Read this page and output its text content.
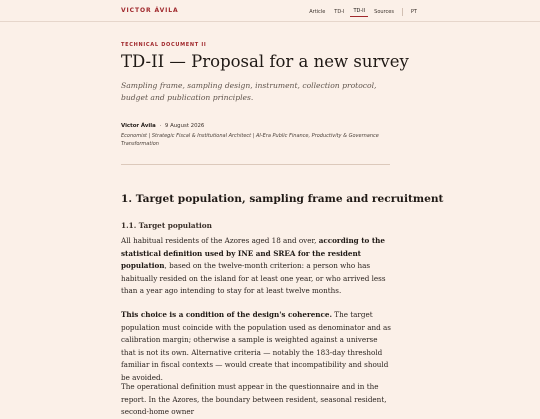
VICTOR ÁVILA	Article	TD-I	TD-II	Sources	PT
TECHNICAL DOCUMENT II
TD-II — Proposal for a new survey

Sampling frame, sampling design, instrument, collection protocol, budget and publication principles.

Victor Ávila · 9 August 2026
Economist | Strategic Fiscal & Institutional Architect | AI-Era Public Finance, Productivity & Governance Transformation
1. Target population, sampling frame and recruitment
1.1. Target population

All habitual residents of the Azores aged 18 and over, according to the statistical definition used by INE and SREA for the resident population, based on the twelve-month criterion: a person who has habitually resided on the island for at least one year, or who arrived less than a year ago intending to stay for at least twelve months.

This choice is a condition of the design's coherence. The target population must coincide with the population used as denominator and as calibration margin; otherwise a sample is weighted against a universe that is not its own. Alternative criteria — notably the 183-day threshold familiar in fiscal contexts — would create that incompatibility and should be avoided.

The operational definition must appear in the questionnaire and in the report. In the Azores, the boundary between resident, seasonal resident, second-home owner
